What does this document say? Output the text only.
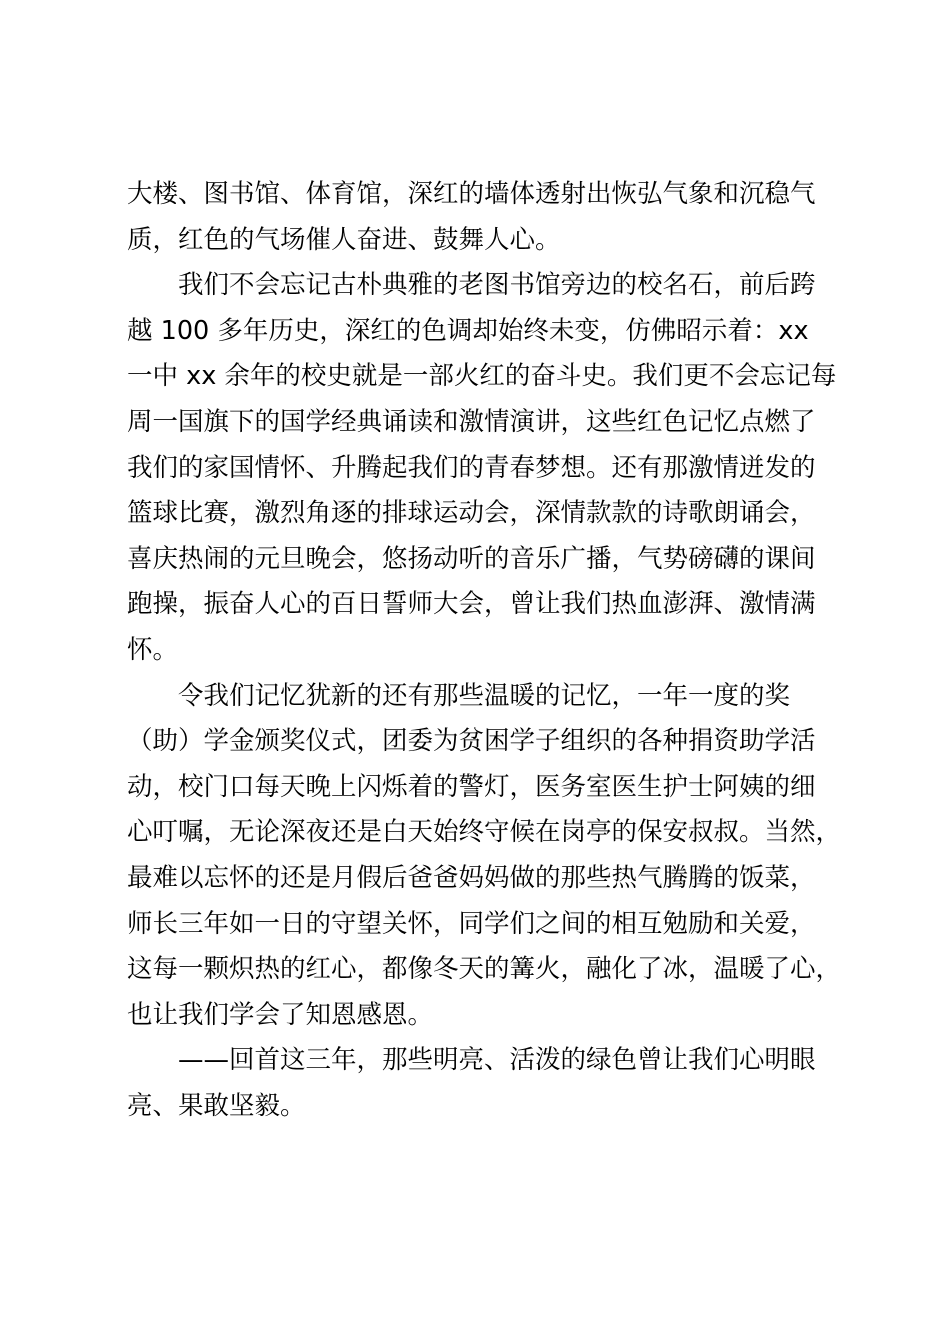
大楼、图书馆、体育馆，深红的墙体透射出恢弘气象和沉稳气
质，红色的气场催人奋进、鼓舞人心。
我们不会忘记古朴典雅的老图书馆旁边的校名石，前后跨
越 100 多年历史，深红的色调却始终未变，仿佛昭示着：xx
一中 xx 余年的校史就是一部火红的奋斗史。我们更不会忘记每
周一国旗下的国学经典诵读和激情演讲，这些红色记忆点燃了
我们的家国情怀、升腾起我们的青春梦想。还有那激情迸发的
篮球比赛，激烈角逐的排球运动会，深情款款的诗歌朗诵会，
喜庆热闹的元旦晚会，悠扬动听的音乐广播，气势磅礴的课间
跑操，振奋人心的百日誓师大会，曾让我们热血澎湃、激情满
怀。
令我们记忆犹新的还有那些温暖的记忆，一年一度的奖
（助）学金颁奖仪式，团委为贫困学子组织的各种捐资助学活
动，校门口每天晚上闪烁着的警灯，医务室医生护士阿姨的细
心叮嘱，无论深夜还是白天始终守候在岗亭的保安叔叔。当然，
最难以忘怀的还是月假后爸爸妈妈做的那些热气腾腾的饭菜，
师长三年如一日的守望关怀，同学们之间的相互勉励和关爱，
这每一颗炽热的红心，都像冬天的篝火，融化了冰，温暖了心，
也让我们学会了知恩感恩。
——回首这三年，那些明亮、活泼的绿色曾让我们心明眼
亮、果敢坚毅。
